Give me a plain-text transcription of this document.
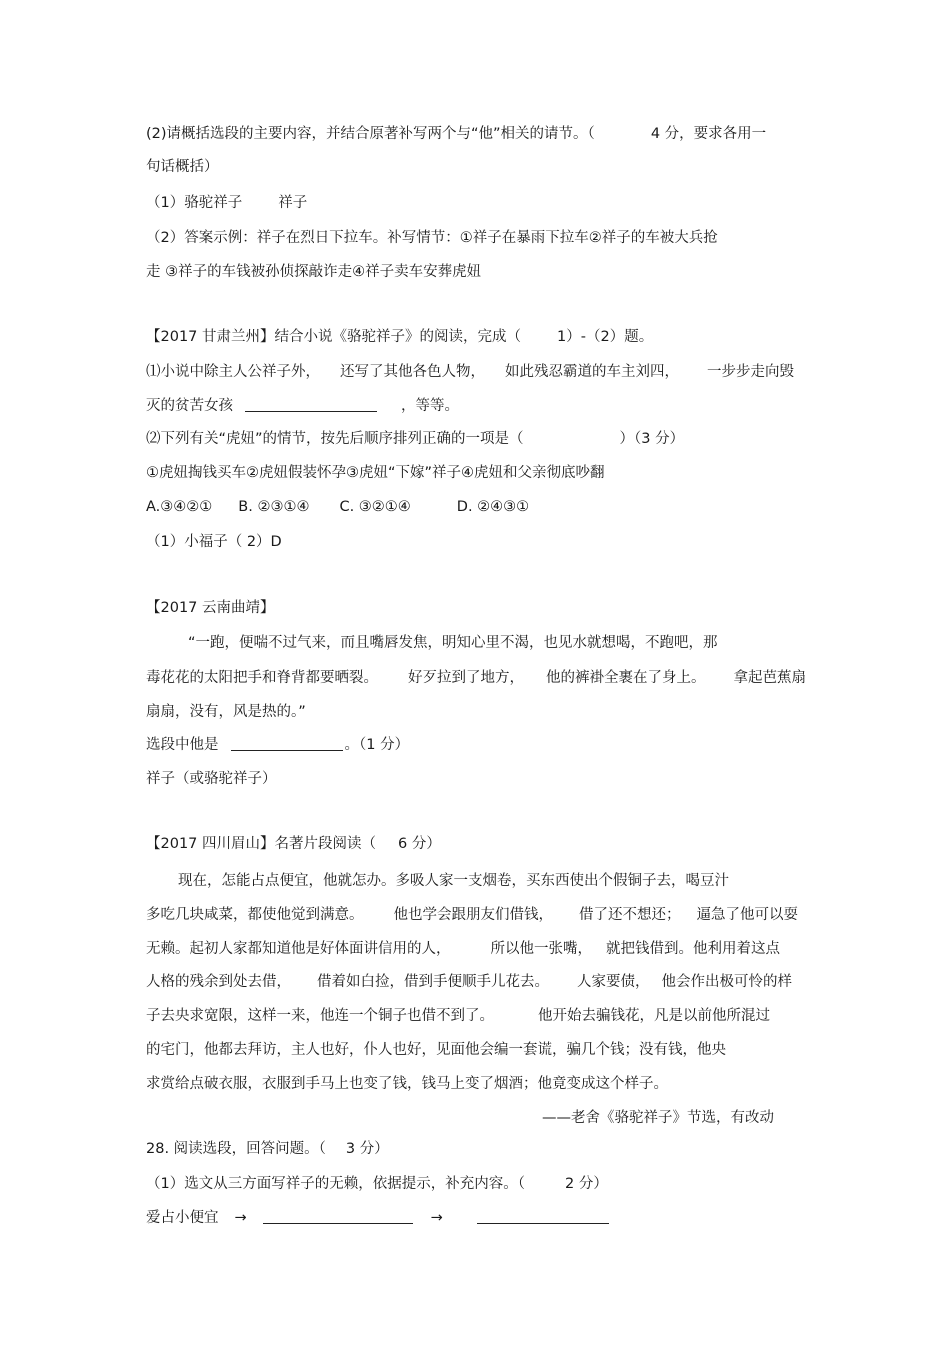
(2)请概括选段的主要内容，并结合原著补写两个与“他”相关的请节。（	4 分，要求各用一
句话概括）
（1）骆驼祥子 祥子
（2）答案示例：祥子在烈日下拉车。补写情节：①祥子在暴雨下拉车②祥子的车被大兵抢
走 ③祥子的车钱被孙侦探敲诈走④祥子卖车安葬虎妞
【2017 甘肃兰州】结合小说《骆驼祥子》的阅读，完成（ 1）-（2）题。
⑴小说中除主人公祥子外， 还写了其他各色人物， 如此残忍霸道的车主刘四， 一步步走向毁
灭的贫苦女孩	，等等。
⑵下列有关“虎妞”的情节，按先后顺序排列正确的一项是（	）（3 分）
①虎妞掏钱买车②虎妞假装怀孕③虎妞“下嫁”祥子④虎妞和父亲彻底吵翻
A.③④②① B. ②③①④ C. ③②①④	D. ②④③①
（1）小福子（ 2）D
【2017 云南曲靖】
“一跑，便喘不过气来，而且嘴唇发焦，明知心里不渴，也见水就想喝，不跑吧，那
毒花花的太阳把手和脊背都要晒裂。 好歹拉到了地方， 他的裤褂全裹在了身上。 拿起芭蕉扇
扇扇，没有，风是热的。”
选段中他是	。（1 分）
祥子（或骆驼祥子）
【2017 四川眉山】名著片段阅读（ 6 分）
现在，怎能占点便宜，他就怎办。多吸人家一支烟卷，买东西使出个假铜子去，喝豆汁
多吃几块咸菜，都使他觉到满意。 他也学会跟朋友们借钱， 借了还不想还； 逼急了他可以耍
无赖。起初人家都知道他是好体面讲信用的人，	所以他一张嘴， 就把钱借到。他利用着这点
人格的残余到处去借， 借着如白捡，借到手便顺手儿花去。 人家要债， 他会作出极可怜的样
子去央求宽限，这样一来，他连一个铜子也借不到了。	他开始去骗钱花，凡是以前他所混过
的宅门，他都去拜访，主人也好，仆人也好，见面他会编一套谎，骗几个钱；没有钱，他央
求赏给点破衣服，衣服到手马上也变了钱，钱马上变了烟酒；他竟变成这个样子。
——老舍《骆驼祥子》节选，有改动
28. 阅读选段，回答问题。（ 3 分）
（1）选文从三方面写祥子的无赖，依据提示，补充内容。（	2 分）
爱占小便宜 →	→
